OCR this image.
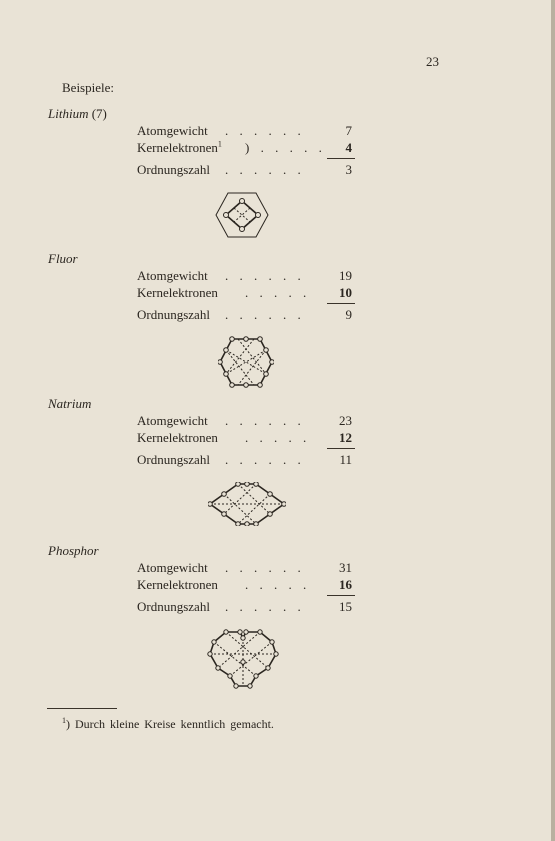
23
Beispiele:
Lithium (7)
Atomgewicht . . . . . .	7
Kernelektronen$^1$ ) . . . . .	4
Ordnungszahl . . . . . .	3
Fluor
Atomgewicht . . . . . .	19
Kernelektronen . . . . .	10
Ordnungszahl . . . . . .	9
Natrium
Atomgewicht . . . . . .	23
Kernelektronen . . . . .	12
Ordnungszahl . . . . . .	11
Phosphor
Atomgewicht . . . . . .	31
Kernelektronen . . . . .	16
Ordnungszahl . . . . . .	15
$^1$) Durch kleine Kreise kenntlich gemacht.
